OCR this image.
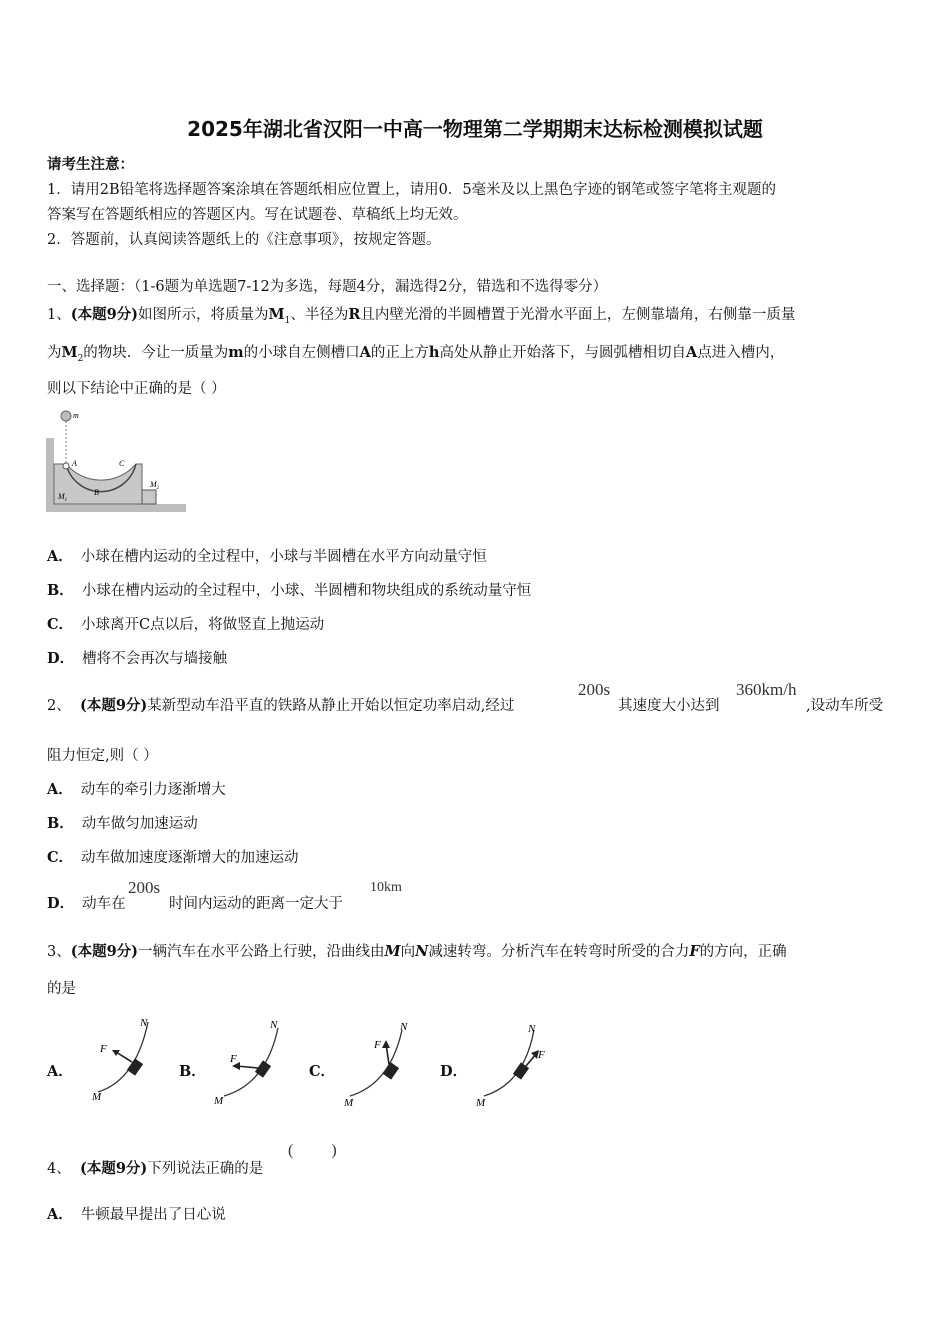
2025年湖北省汉阳一中高一物理第二学期期末达标检测模拟试题
请考生注意：
1．请用2B铅笔将选择题答案涂填在答题纸相应位置上，请用0．5毫米及以上黑色字迹的钢笔或签字笔将主观题的
答案写在答题纸相应的答题区内。写在试题卷、草稿纸上均无效。
2．答题前，认真阅读答题纸上的《注意事项》，按规定答题。
一、选择题：（1-6题为单选题7-12为多选，每题4分，漏选得2分，错选和不选得零分）
1、(本题9分)如图所示，将质量为$M_1$、半径为R且内壁光滑的半圆槽置于光滑水平面上，左侧靠墙角，右侧靠一质量
为$M_2$的物块．今让一质量为m的小球自左侧槽口A的正上方h高处从静止开始落下，与圆弧槽相切自A点进入槽内，
则以下结论中正确的是（ ）
m
A
B
C
$M_1$
$M_2$
A． 小球在槽内运动的全过程中，小球与半圆槽在水平方向动量守恒
B． 小球在槽内运动的全过程中，小球、半圆槽和物块组成的系统动量守恒
C． 小球离开C点以后，将做竖直上抛运动
D． 槽将不会再次与墙接触
2、 (本题9分)某新型动车沿平直的铁路从静止开始以恒定功率启动,经过
200s
其速度大小达到
360km/h
,设动车所受
阻力恒定,则（ ）
A． 动车的牵引力逐渐增大
B． 动车做匀加速运动
C． 动车做加速度逐渐增大的加速运动
D． 动车在
200s
时间内运动的距离一定大于
10km
3、(本题9分)一辆汽车在水平公路上行驶，沿曲线由M向N减速转弯。分析汽车在转弯时所受的合力F的方向，正确
的是
A．
N
F
M
B．
N
F
M
C．
N
F
M
D．
N
F
M
4、 (本题9分)下列说法正确的是
( )
A． 牛顿最早提出了日心说
